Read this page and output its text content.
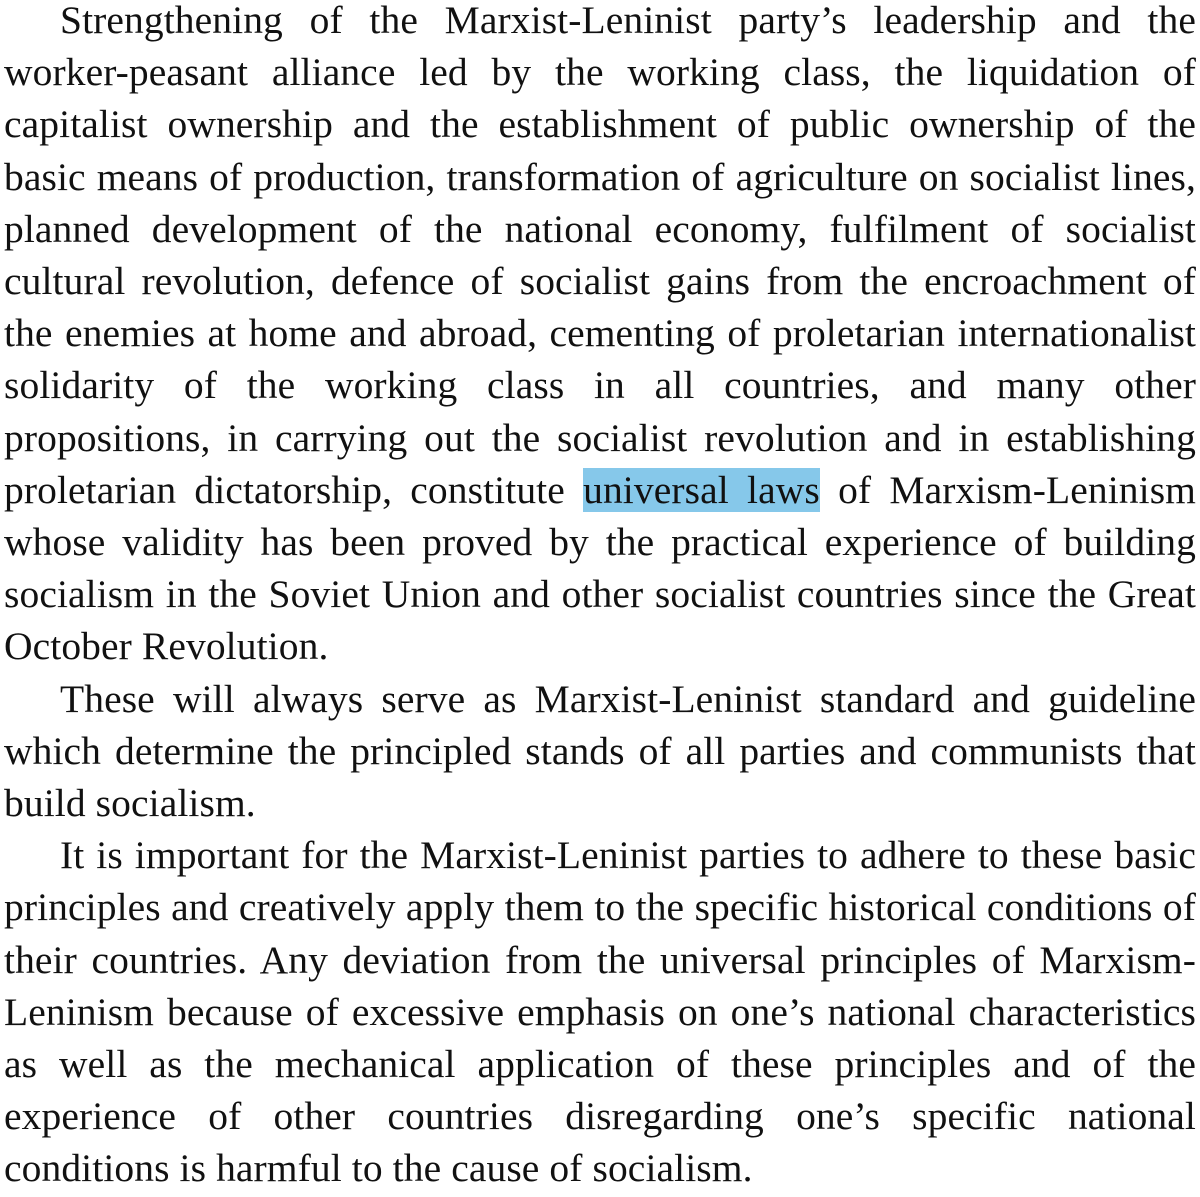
Strengthening of the Marxist-Leninist party’s leadership and the worker-peasant alliance led by the working class, the liquidation of capitalist ownership and the establishment of public ownership of the basic means of production, transformation of agriculture on socialist lines, planned development of the national economy, fulfilment of socialist cultural revolution, defence of socialist gains from the encroachment of the enemies at home and abroad, cementing of proletarian internationalist solidarity of the working class in all countries, and many other propositions, in carrying out the socialist revolution and in establishing proletarian dictatorship, constitute universal laws of Marxism-Leninism whose validity has been proved by the practical experience of building socialism in the Soviet Union and other socialist countries since the Great October Revolution.

These will always serve as Marxist-Leninist standard and guideline which determine the principled stands of all parties and communists that build socialism.

It is important for the Marxist-Leninist parties to adhere to these basic principles and creatively apply them to the specific historical conditions of their countries. Any deviation from the universal principles of Marxism-Leninism because of excessive emphasis on one’s national characteristics as well as the mechanical application of these principles and of the experience of other countries disregarding one’s specific national conditions is harmful to the cause of socialism.
